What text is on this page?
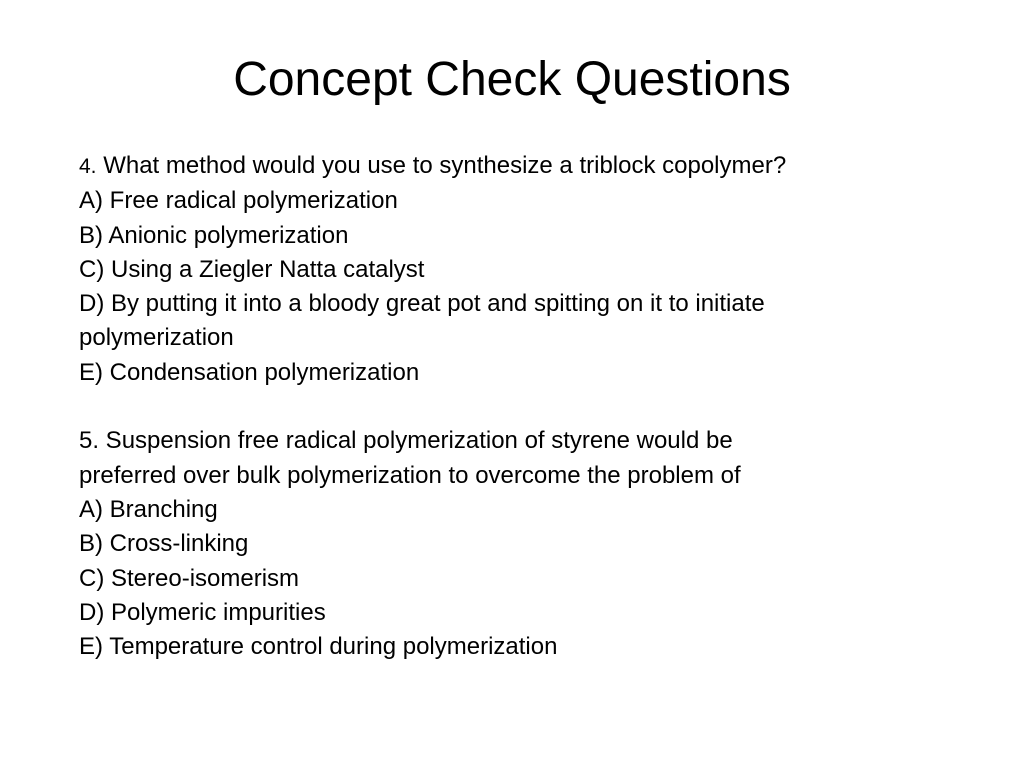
Concept Check Questions
4. What method would you use to synthesize a triblock copolymer?
A) Free radical polymerization
B) Anionic polymerization
C) Using a Ziegler Natta catalyst
D) By putting it into a bloody great pot and spitting on it to initiate
polymerization
E) Condensation polymerization
5. Suspension free radical polymerization of styrene would be
preferred over bulk polymerization to overcome the problem of
A) Branching
B) Cross-linking
C) Stereo-isomerism
D) Polymeric impurities
E) Temperature control during polymerization
